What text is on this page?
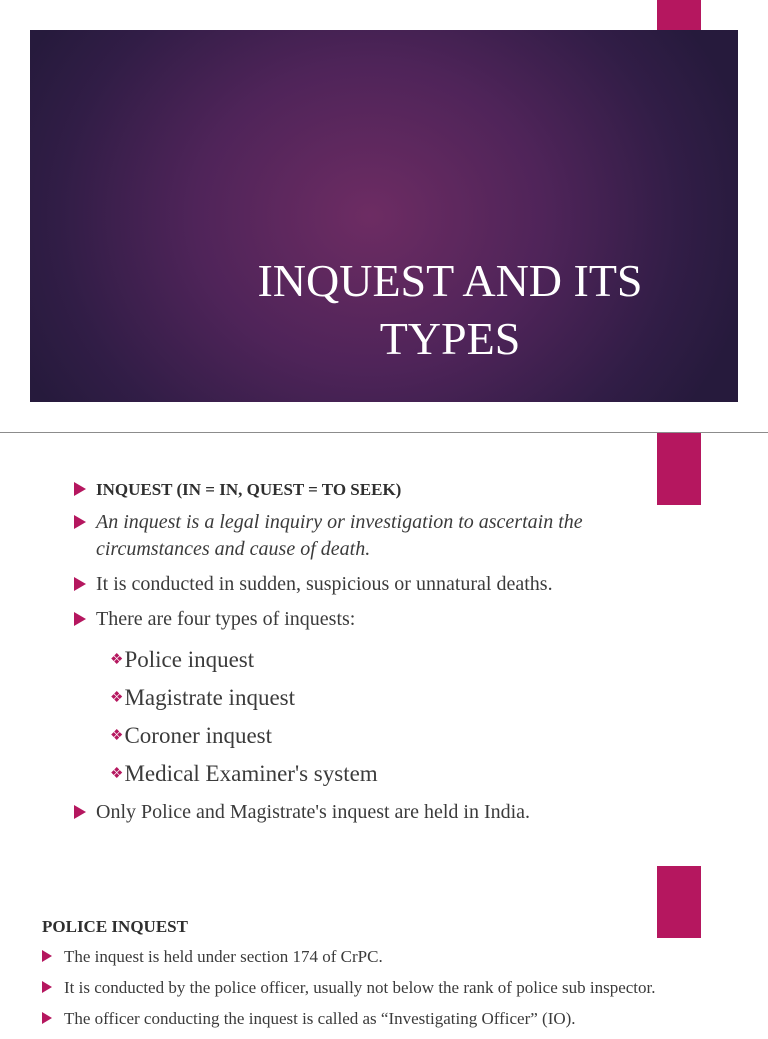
INQUEST AND ITS
TYPES
INQUEST (IN = IN, QUEST = TO SEEK)
An inquest is a legal inquiry or investigation to ascertain the circumstances and cause of death.
It is conducted in sudden, suspicious or unnatural deaths.
There are four types of inquests:
❖Police inquest
❖Magistrate inquest
❖Coroner inquest
❖Medical Examiner's system
Only Police and Magistrate's inquest are held in India.
POLICE INQUEST
The inquest is held under section 174 of CrPC.
It is conducted by the police officer, usually not below the rank of police sub inspector.
The officer conducting the inquest is called as “Investigating Officer” (IO).
